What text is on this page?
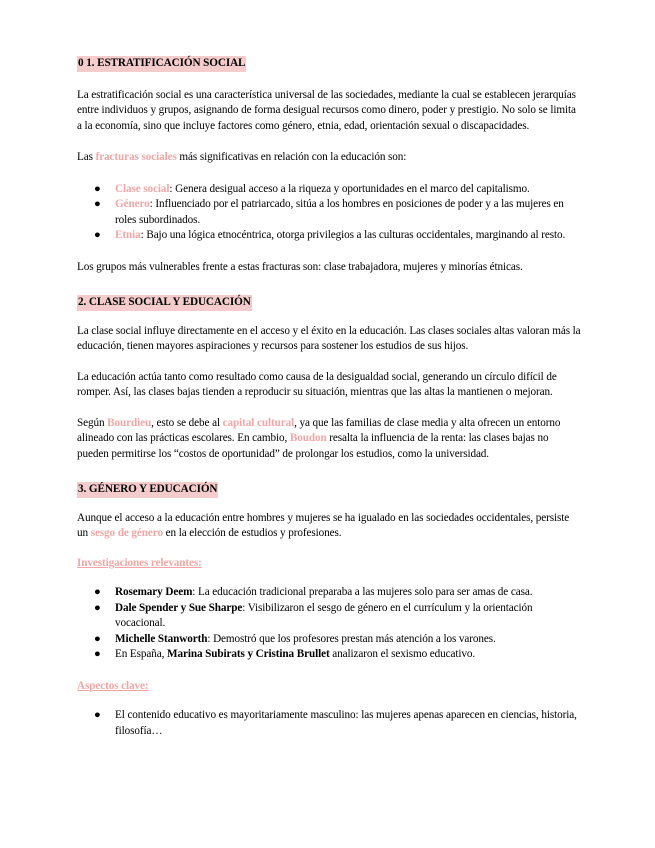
0 1. ESTRATIFICACIÓN SOCIAL

La estratificación social es una característica universal de las sociedades, mediante la cual se establecen jerarquías entre individuos y grupos, asignando de forma desigual recursos como dinero, poder y prestigio. No solo se limita a la economía, sino que incluye factores como género, etnia, edad, orientación sexual o discapacidades.

Las fracturas sociales más significativas en relación con la educación son:

● Clase social: Genera desigual acceso a la riqueza y oportunidades en el marco del capitalismo.
● Género: Influenciado por el patriarcado, sitúa a los hombres en posiciones de poder y a las mujeres en roles subordinados.
● Etnia: Bajo una lógica etnocéntrica, otorga privilegios a las culturas occidentales, marginando al resto.

Los grupos más vulnerables frente a estas fracturas son: clase trabajadora, mujeres y minorías étnicas.

2. CLASE SOCIAL Y EDUCACIÓN

La clase social influye directamente en el acceso y el éxito en la educación. Las clases sociales altas valoran más la educación, tienen mayores aspiraciones y recursos para sostener los estudios de sus hijos.

La educación actúa tanto como resultado como causa de la desigualdad social, generando un círculo difícil de romper. Así, las clases bajas tienden a reproducir su situación, mientras que las altas la mantienen o mejoran.

Según Bourdieu, esto se debe al capital cultural, ya que las familias de clase media y alta ofrecen un entorno alineado con las prácticas escolares. En cambio, Boudon resalta la influencia de la renta: las clases bajas no pueden permitirse los “costos de oportunidad” de prolongar los estudios, como la universidad.

3. GÉNERO Y EDUCACIÓN

Aunque el acceso a la educación entre hombres y mujeres se ha igualado en las sociedades occidentales, persiste un sesgo de género en la elección de estudios y profesiones.

Investigaciones relevantes:

● Rosemary Deem: La educación tradicional preparaba a las mujeres solo para ser amas de casa.
● Dale Spender y Sue Sharpe: Visibilizaron el sesgo de género en el currículum y la orientación vocacional.
● Michelle Stanworth: Demostró que los profesores prestan más atención a los varones.
● En España, Marina Subirats y Cristina Brullet analizaron el sexismo educativo.

Aspectos clave:

● El contenido educativo es mayoritariamente masculino: las mujeres apenas aparecen en ciencias, historia, filosofía…
